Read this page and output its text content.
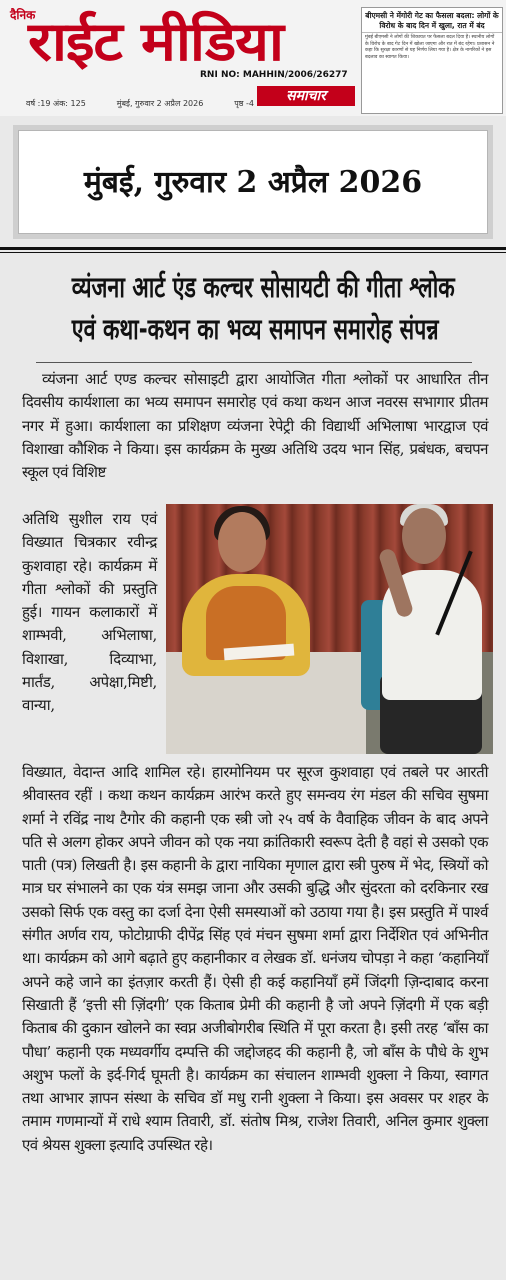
दैनिक
राईट मीडिया
RNI NO: MAHHIN/2006/26277
समाचार
वर्ष :19 अंक: 125	मुंबई, गुरुवार 2 अप्रैल 2026	पृष्ठ -4
बीएमसी ने मेंगोरी गेट का फैसला बदला: लोगों के विरोध के बाद दिन में खुला, रात में बंद
मुंबई बीएमसी ने लोगों की शिकायत पर फैसला बदल दिया है। स्थानीय लोगों के विरोध के बाद गेट दिन में खोला जाएगा और रात में बंद रहेगा। प्रशासन ने कहा कि सुरक्षा कारणों से यह निर्णय लिया गया है। क्षेत्र के नागरिकों ने इस बदलाव का स्वागत किया।
मुंबई, गुरुवार 2 अप्रैल 2026
व्यंजना आर्ट एंड कल्चर सोसायटी की गीता श्लोक
एवं कथा-कथन का भव्य समापन समारोह संपन्न
व्यंजना आर्ट एण्ड कल्चर सोसाइटी द्वारा आयोजित गीता श्लोकों पर आधारित तीन दिवसीय कार्यशाला का भव्य समापन समारोह एवं कथा कथन आज नवरस सभागार प्रीतम नगर में हुआ। कार्यशाला का प्रशिक्षण व्यंजना रेपेट्री की विद्यार्थी अभिलाषा भारद्वाज एवं विशाखा कौशिक ने किया। इस कार्यक्रम के मुख्य अतिथि उदय भान सिंह, प्रबंधक, बचपन स्कूल एवं विशिष्ट
अतिथि सुशील राय एवं विख्यात चित्रकार रवीन्द्र कुशवाहा रहे। कार्यक्रम में गीता श्लोकों की प्रस्तुति हुई। गायन कलाकारों में शाम्भवी, अभिलाषा, विशाखा, दिव्याभा, मार्तंड, अपेक्षा,मिष्टी, वान्या,
विख्यात, वेदान्त आदि शामिल रहे। हारमोनियम पर सूरज कुशवाहा एवं तबले पर आरती श्रीवास्तव रहीं । कथा कथन कार्यक्रम आरंभ करते हुए समन्वय रंग मंडल की सचिव सुषमा शर्मा ने रविंद्र नाथ टैगोर की कहानी एक स्त्री जो २५ वर्ष के वैवाहिक जीवन के बाद अपने पति से अलग होकर अपने जीवन को एक नया क्रांतिकारी स्वरूप देती है वहां से उसको एक पाती (पत्र) लिखती है। इस कहानी के द्वारा नायिका मृणाल द्वारा स्त्री पुरुष में भेद, स्त्रियों को मात्र घर संभालने का एक यंत्र समझ जाना और उसकी बुद्धि और सुंदरता को दरकिनार रख उसको सिर्फ एक वस्तु का दर्जा देना ऐसी समस्याओं को उठाया गया है। इस प्रस्तुति में पार्श्व संगीत अर्णव राय, फोटोग्राफी दीपेंद्र सिंह एवं मंचन सुषमा शर्मा द्वारा निर्देशित एवं अभिनीत था। कार्यक्रम को आगे बढ़ाते हुए कहानीकार व लेखक डॉ. धनंजय चोपड़ा ने कहा ‘कहानियाँ अपने कहे जाने का इंतज़ार करती हैं। ऐसी ही कई कहानियाँ हमें जिंदगी ज़िन्दाबाद करना सिखाती हैं ‘इत्ती सी ज़िंदगी’ एक किताब प्रेमी की कहानी है जो अपने ज़िंदगी में एक बड़ी किताब की दुकान खोलने का स्वप्न अजीबोगरीब स्थिति में पूरा करता है। इसी तरह ‘बाँस का पौधा’ कहानी एक मध्यवर्गीय दम्पत्ति की जद्दोजहद की कहानी है, जो बाँस के पौधे के शुभ अशुभ फलों के इर्द-गिर्द घूमती है। कार्यक्रम का संचालन शाम्भवी शुक्ला ने किया, स्वागत तथा आभार ज्ञापन संस्था के सचिव डॉ मधु रानी शुक्ला ने किया। इस अवसर पर शहर के तमाम गणमान्यों में राधे श्याम तिवारी, डॉ. संतोष मिश्र, राजेश तिवारी, अनिल कुमार शुक्ला एवं श्रेयस शुक्ला इत्यादि उपस्थित रहे।
